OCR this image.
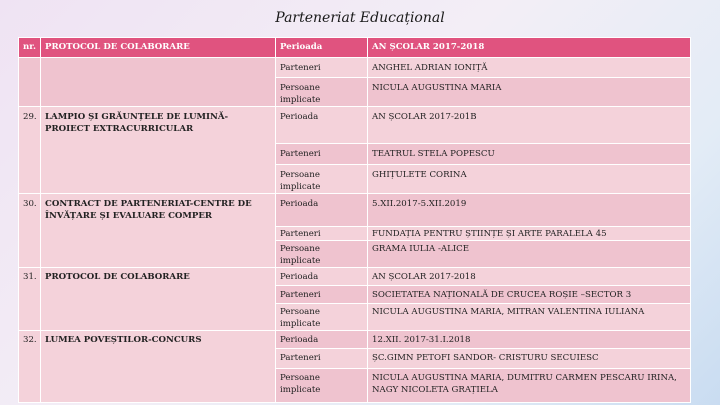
Parteneriat Educațional
nr.	PROTOCOL DE COLABORARE	Perioada	AN ȘCOLAR 2017-2018
		Parteneri	ANGHEL ADRIAN IONIȚĂ
		Persoane implicate	NICULA AUGUSTINA MARIA
29.	LAMPIO ȘI GRĂUNȚELE DE LUMINĂ-PROIECT EXTRACURRICULAR	Perioada	AN ȘCOLAR 2017-201B
		Parteneri	TEATRUL STELA POPESCU
		Persoane implicate	GHIȚULETE CORINA
30.	CONTRACT DE PARTENERIAT-CENTRE DE ÎNVĂȚARE ȘI EVALUARE COMPER	Perioada	5.XII.2017-5.XII.2019
		Parteneri	FUNDAȚIA PENTRU ȘTIINȚE ȘI ARTE PARALELA 45
		Persoane implicate	GRAMA IULIA -ALICE
31.	PROTOCOL DE COLABORARE	Perioada	AN ȘCOLAR 2017-2018
		Parteneri	SOCIETATEA NAȚIONALĂ DE CRUCEA ROȘIE –SECTOR 3
		Persoane implicate	NICULA AUGUSTINA MARIA, MITRAN VALENTINA IULIANA
32.	LUMEA POVEȘTILOR-CONCURS	Perioada	12.XII. 2017-31.I.2018
		Parteneri	ȘC.GIMN PETOFI SANDOR- CRISTURU SECUIESC
		Persoane implicate	NICULA AUGUSTINA MARIA, DUMITRU CARMEN PESCARU IRINA, NAGY NICOLETA GRAȚIELA
